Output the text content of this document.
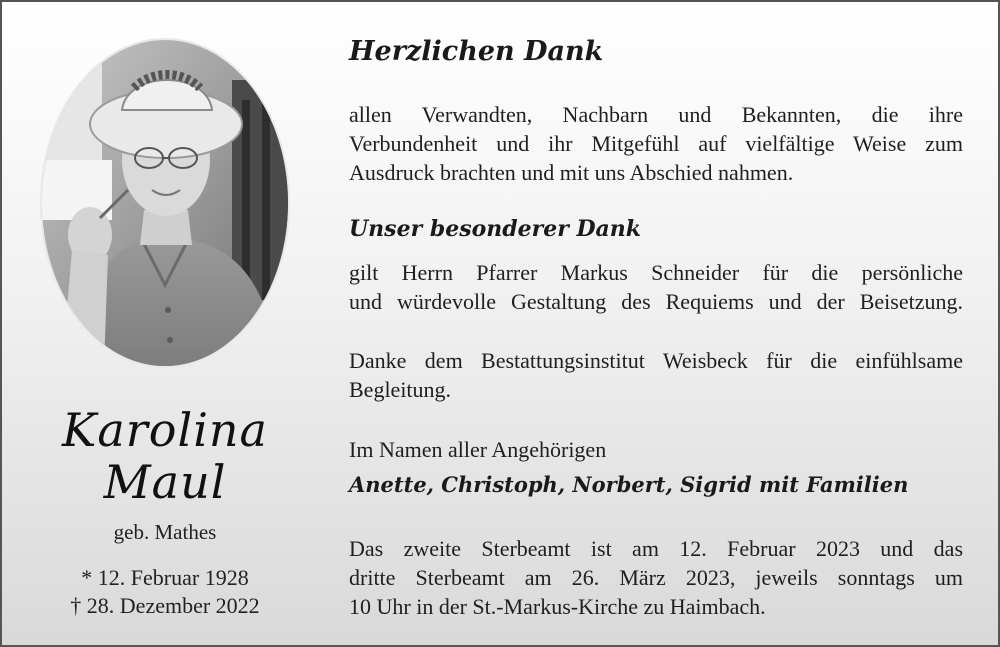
Karolina
Maul
geb. Mathes
* 12. Februar 1928
† 28. Dezember 2022
Herzlichen Dank
allen Verwandten, Nachbarn und Bekannten, die ihre
Verbundenheit und ihr Mitgefühl auf vielfältige Weise zum
Ausdruck brachten und mit uns Abschied nahmen.
Unser besonderer Dank
gilt Herrn Pfarrer Markus Schneider für die persönliche
und würdevolle Gestaltung des Requiems und der Beisetzung.
Danke dem Bestattungsinstitut Weisbeck für die einfühlsame
Begleitung.
Im Namen aller Angehörigen
Anette, Christoph, Norbert, Sigrid mit Familien
Das zweite Sterbeamt ist am 12. Februar 2023 und das
dritte Sterbeamt am 26. März 2023, jeweils sonntags um
10 Uhr in der St.-Markus-Kirche zu Haimbach.
